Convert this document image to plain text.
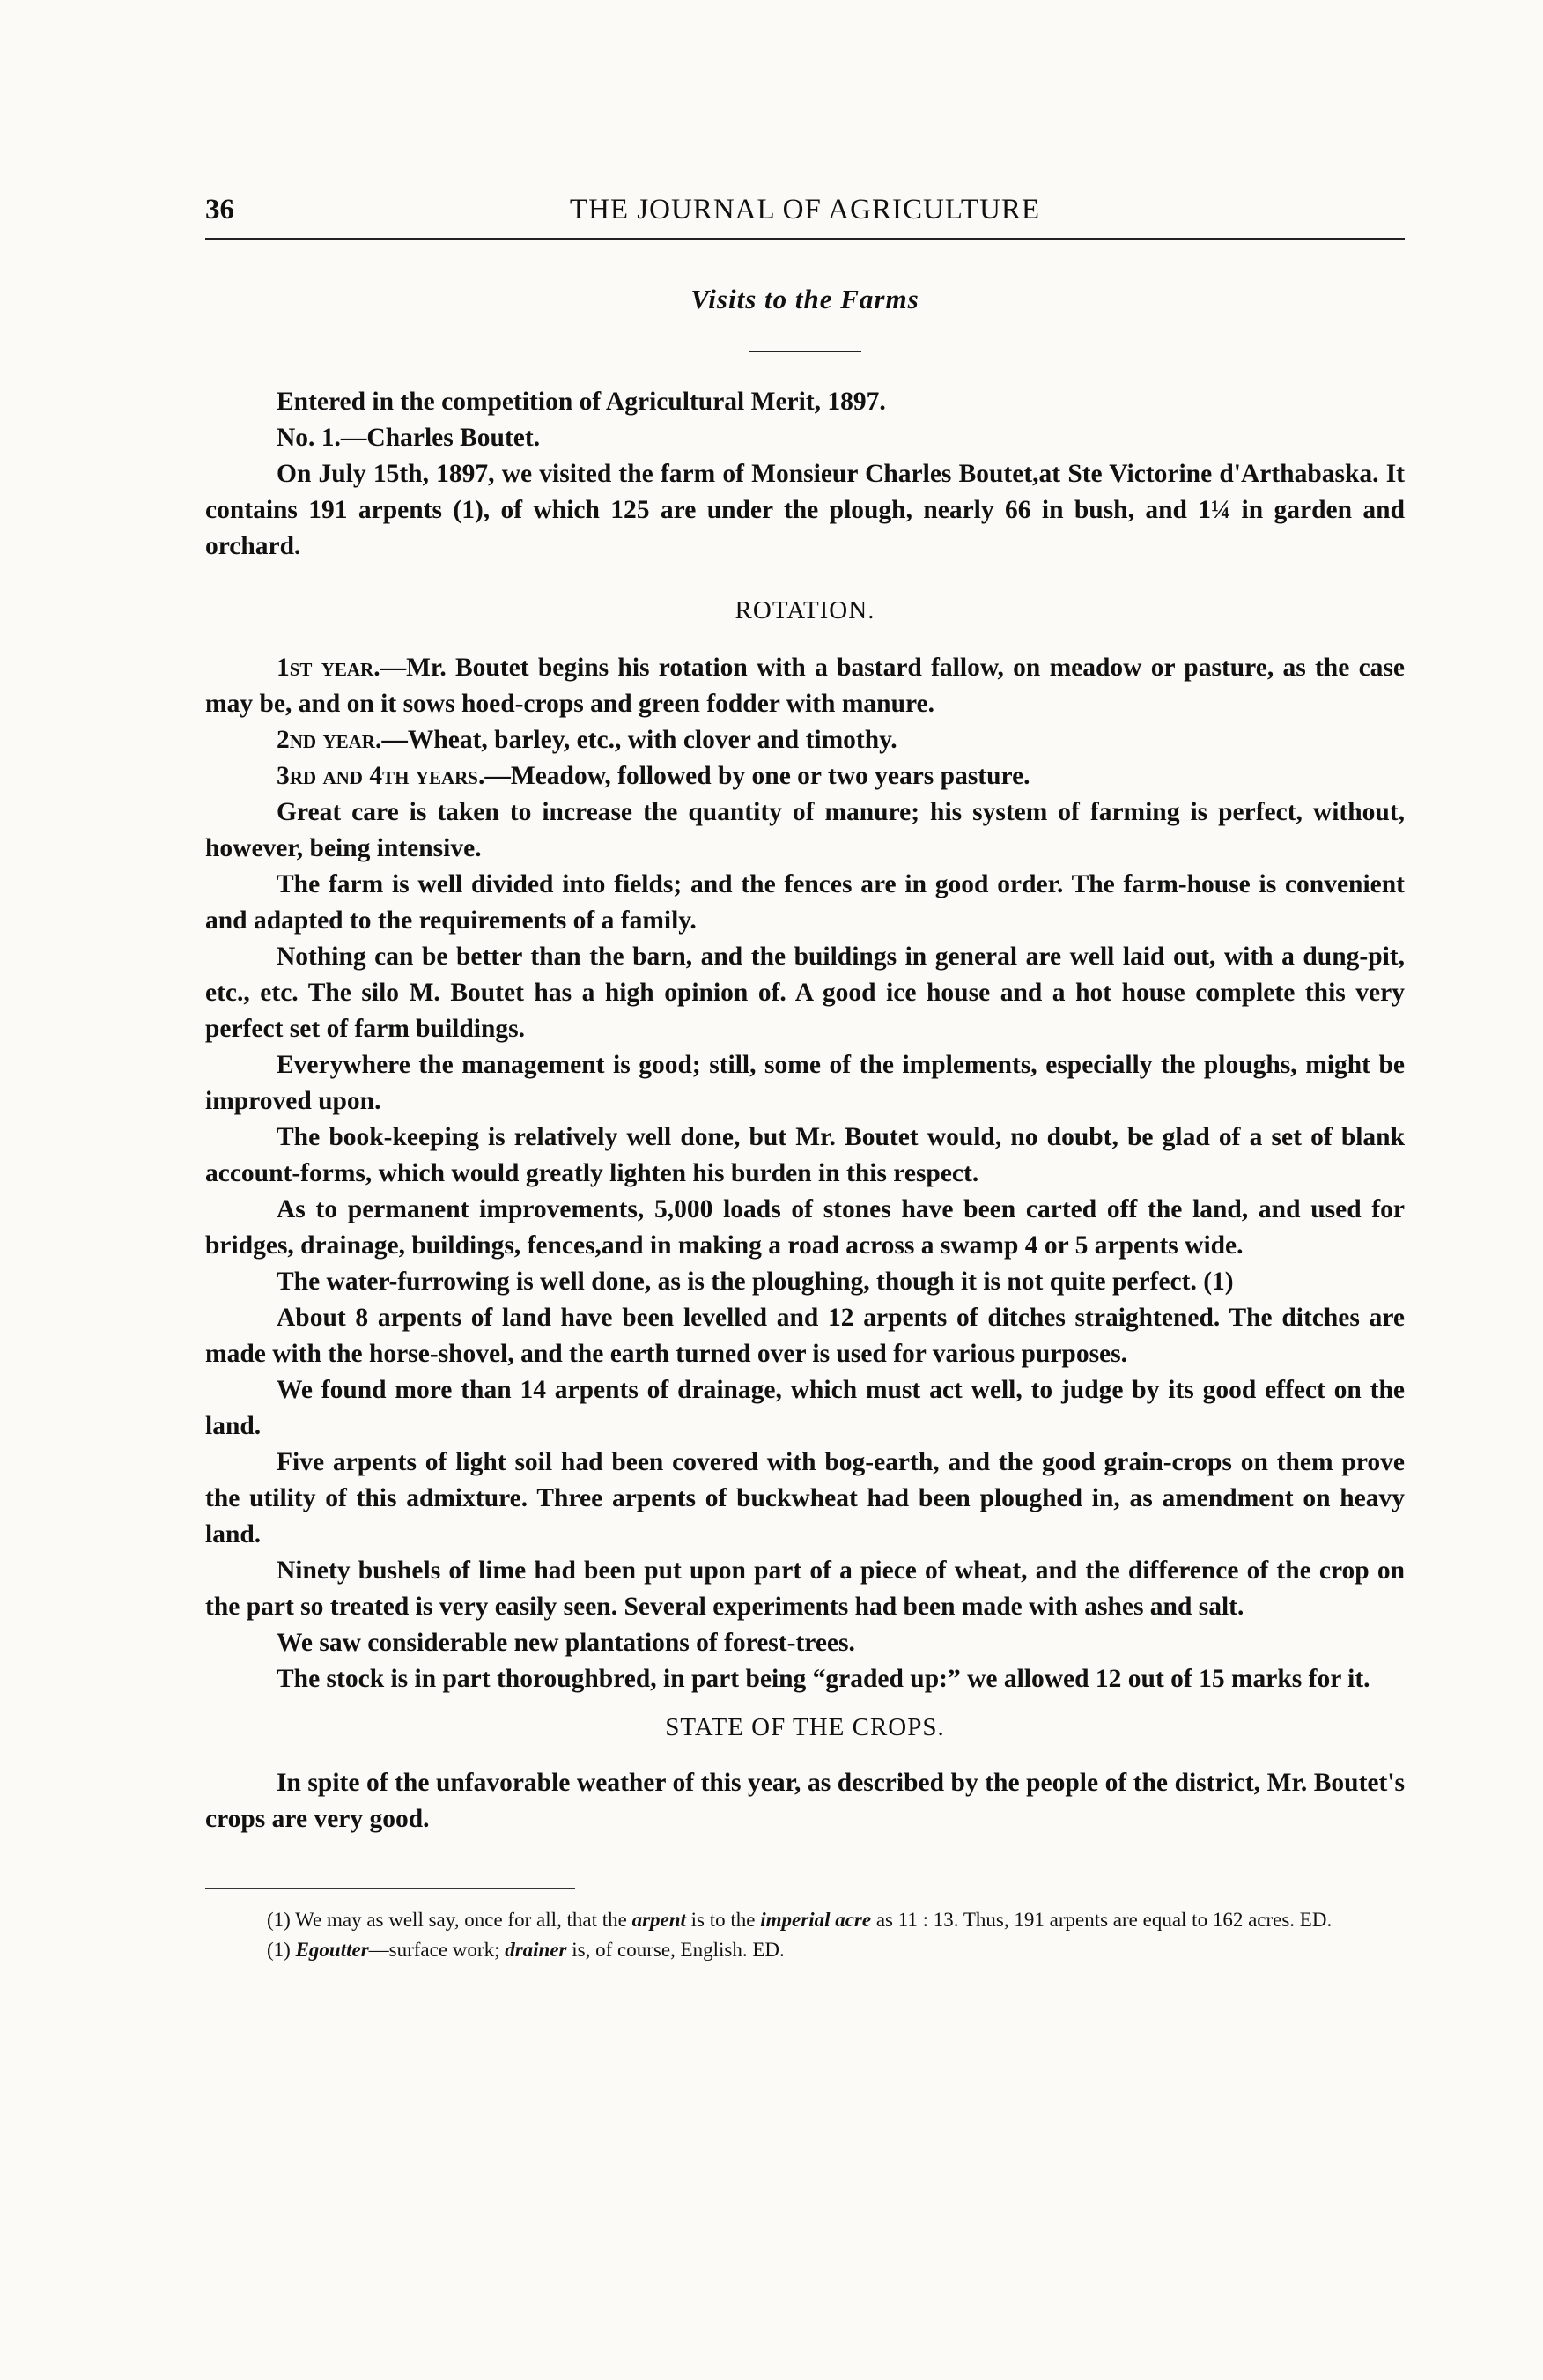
36	THE JOURNAL OF AGRICULTURE
Visits to the Farms

Entered in the competition of Agricultural Merit, 1897.

No. 1.—Charles Boutet.

On July 15th, 1897, we visited the farm of Monsieur Charles Boutet,at Ste Victorine d'Arthabaska. It contains 191 arpents (1), of which 125 are under the plough, nearly 66 in bush, and 1¼ in garden and orchard.

ROTATION.

1st year.—Mr. Boutet begins his rotation with a bastard fallow, on meadow or pasture, as the case may be, and on it sows hoed-crops and green fodder with manure.

2nd year.—Wheat, barley, etc., with clover and timothy.

3rd and 4th years.—Meadow, followed by one or two years pasture.

Great care is taken to increase the quantity of manure; his system of farming is perfect, without, however, being intensive.

The farm is well divided into fields; and the fences are in good order. The farm-house is convenient and adapted to the requirements of a family.

Nothing can be better than the barn, and the buildings in general are well laid out, with a dung-pit, etc., etc. The silo M. Boutet has a high opinion of. A good ice house and a hot house complete this very perfect set of farm buildings.

Everywhere the management is good; still, some of the implements, especially the ploughs, might be improved upon.

The book-keeping is relatively well done, but Mr. Boutet would, no doubt, be glad of a set of blank account-forms, which would greatly lighten his burden in this respect.

As to permanent improvements, 5,000 loads of stones have been carted off the land, and used for bridges, drainage, buildings, fences,and in making a road across a swamp 4 or 5 arpents wide.

The water-furrowing is well done, as is the ploughing, though it is not quite perfect. (1)

About 8 arpents of land have been levelled and 12 arpents of ditches straightened. The ditches are made with the horse-shovel, and the earth turned over is used for various purposes.

We found more than 14 arpents of drainage, which must act well, to judge by its good effect on the land.

Five arpents of light soil had been covered with bog-earth, and the good grain-crops on them prove the utility of this admixture. Three arpents of buckwheat had been ploughed in, as amendment on heavy land.

Ninety bushels of lime had been put upon part of a piece of wheat, and the difference of the crop on the part so treated is very easily seen. Several experiments had been made with ashes and salt.

We saw considerable new plantations of forest-trees.

The stock is in part thoroughbred, in part being “graded up:” we allowed 12 out of 15 marks for it.

STATE OF THE CROPS.

In spite of the unfavorable weather of this year, as described by the people of the district, Mr. Boutet's crops are very good.

(1) We may as well say, once for all, that the arpent is to the imperial acre as 11 : 13. Thus, 191 arpents are equal to 162 acres. ED.

(1) Egoutter—surface work; drainer is, of course, English. ED.
